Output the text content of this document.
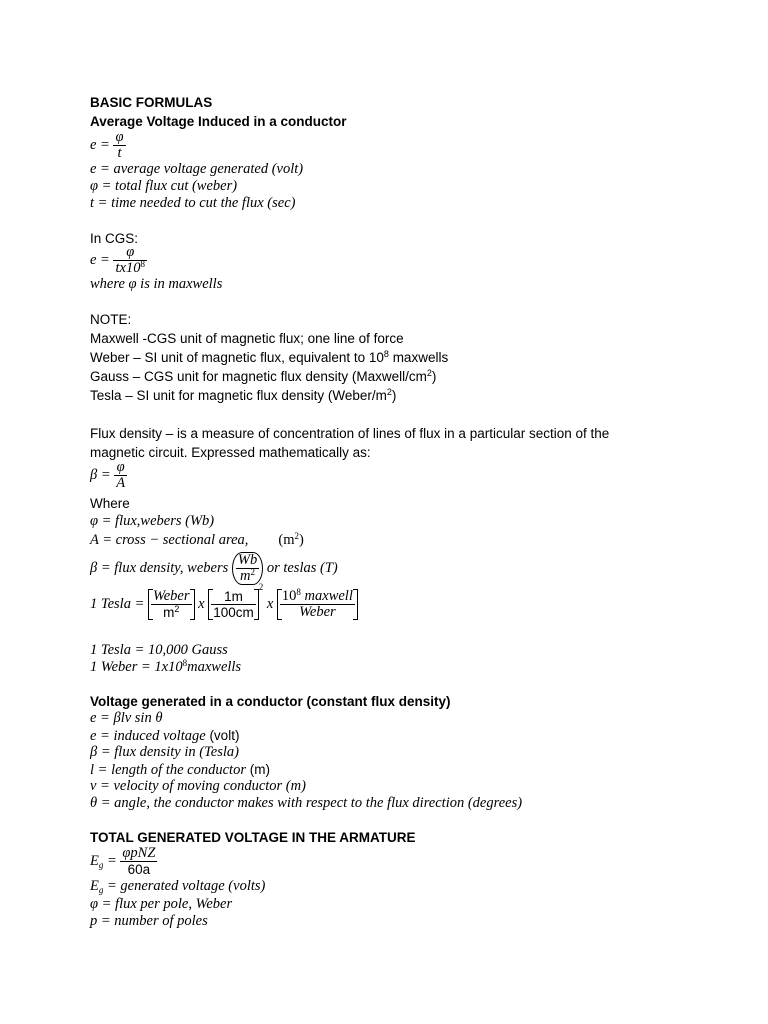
BASIC FORMULAS
Average Voltage Induced in a conductor
$e = \frac{\varphi}{t}$
e = average voltage generated (volt)
φ = total flux cut (weber)
t = time needed to cut the flux (sec)
In CGS:
$e = \frac{\varphi}{tx10^8}$
where φ is in maxwells
NOTE:
Maxwell -CGS unit of magnetic flux; one line of force
Weber – SI unit of magnetic flux, equivalent to $10^8$ maxwells
Gauss – CGS unit for magnetic flux density $(Maxwell/cm^2)$
Tesla – SI unit for magnetic flux density $(Weber/m^2)$
Flux density – is a measure of concentration of lines of flux in a particular section of the
magnetic circuit. Expressed mathematically as:
$\beta = \frac{\varphi}{A}$
Where
φ = flux,webers (Wb)
A = cross − sectional area, $(m^2)$
β = flux density, webers $\frac{Wb}{m^2}$ or teslas (T)
1 Tesla = $\frac{\text{Weber}}{m^2}$ x $\frac{1m}{100cm}$
2 x $\frac{10^8 maxwell}{\text{Weber}}$
1 Tesla = 10,000 Gauss
1 Weber = $1x10^8maxwells$
Voltage generated in a conductor (constant flux density)
e = βlv sin θ
e = induced voltage (volt)
β = flux density in (Tesla)
l = length of the conductor (m)
v = velocity of moving conductor (m)
θ = angle, the conductor makes with respect to the flux direction (degrees)
TOTAL GENERATED VOLTAGE IN THE ARMATURE
$E_g = \frac{\text{φpNZ}}{60a}$
$E_g$ = generated voltage (volts)
φ = flux per pole, Weber
p = number of poles
